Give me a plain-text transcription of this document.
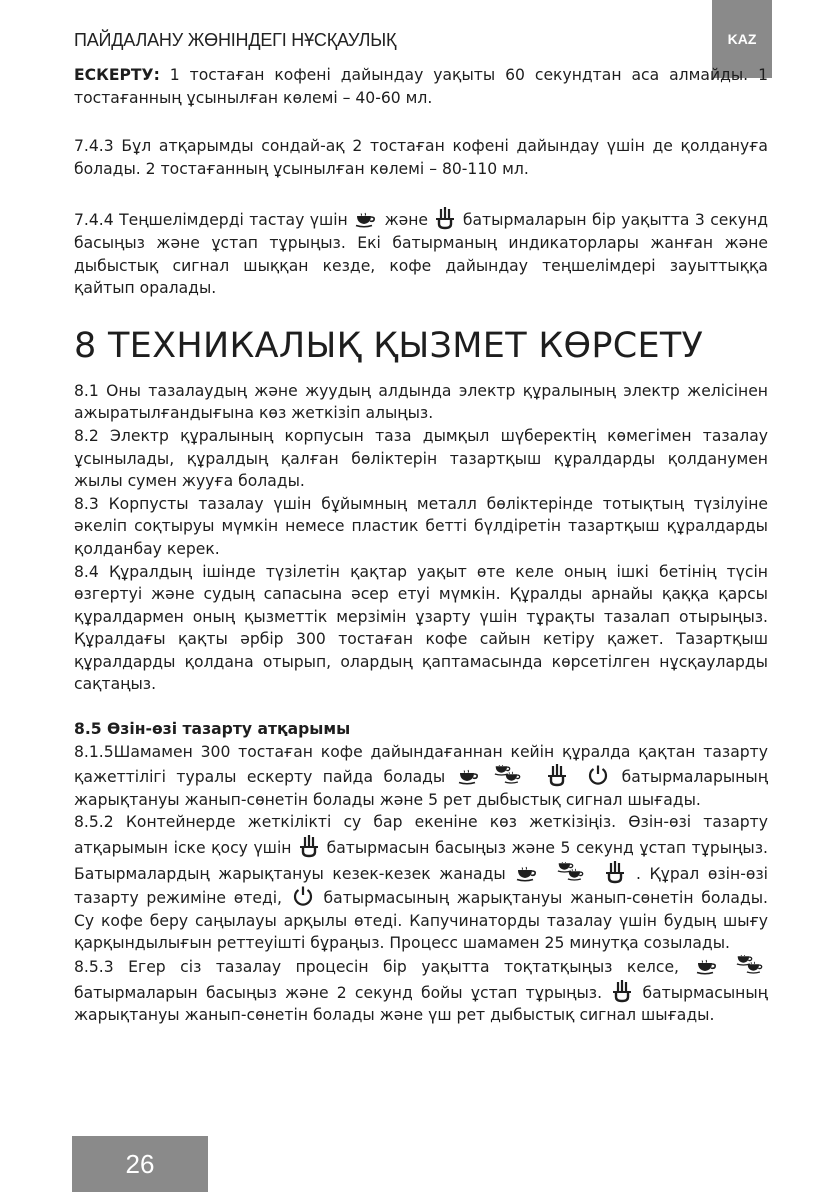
ПАЙДАЛАНУ ЖӨНІНДЕГІ НҰСҚАУЛЫҚ	KAZ

ЕСКЕРТУ: 1 тостаған кофені дайындау уақыты 60 секундтан аса алмайды. 1 тостағанның ұсынылған көлемі – 40-60 мл.

7.4.3 Бұл атқарымды сондай-ақ 2 тостаған кофені дайындау үшін де қолдануға болады. 2 тостағанның ұсынылған көлемі – 80-110 мл.

7.4.4 Теңшелімдерді тастау үшін және батырмаларын бір уақытта 3 секунд басыңыз және ұстап тұрыңыз. Екі батырманың индикаторлары жанған және дыбыстық сигнал шыққан кезде, кофе дайындау теңшелімдері зауыттыққа қайтып оралады.

8 ТЕХНИКАЛЫҚ ҚЫЗМЕТ КӨРСЕТУ

8.1 Оны тазалаудың және жуудың алдында электр құралының электр желісінен ажыратылғандығына көз жеткізіп алыңыз.

8.2 Электр құралының корпусын таза дымқыл шүберектің көмегімен тазалау ұсынылады, құралдың қалған бөліктерін тазартқыш құралдарды қолданумен жылы сумен жууға болады.

8.3 Корпусты тазалау үшін бұйымның металл бөліктерінде тотықтың түзілуіне әкеліп соқтыруы мүмкін немесе пластик бетті бүлдіретін тазартқыш құралдарды қолданбау керек.

8.4 Құралдың ішінде түзілетін қақтар уақыт өте келе оның ішкі бетінің түсін өзгертуі және судың сапасына әсер етуі мүмкін. Құралды арнайы қаққа қарсы құралдармен оның қызметтік мерзімін ұзарту үшін тұрақты тазалап отырыңыз. Құралдағы қақты әрбір 300 тостаған кофе сайын кетіру қажет. Тазартқыш құралдарды қолдана отырып, олардың қаптамасында көрсетілген нұсқауларды сақтаңыз.

8.5 Өзін-өзі тазарту атқарымы

8.1.5Шамамен 300 тостаған кофе дайындағаннан кейін құралда қақтан тазарту қажеттілігі туралы ескерту пайда болады	батырмаларының жарықтануы жанып-сөнетін болады және 5 рет дыбыстық сигнал шығады.

8.5.2 Контейнерде жеткілікті су бар екеніне көз жеткізіңіз. Өзін-өзі тазарту атқарымын іске қосу үшін батырмасын басыңыз және 5 секунд ұстап тұрыңыз. Батырмалардың жарықтануы кезек-кезек жанады	. Құрал өзін-өзі тазарту режиміне өтеді,	батырмасының жарықтануы жанып-сөнетін болады. Су кофе беру саңылауы арқылы өтеді. Капучинаторды тазалау үшін будың шығу қарқындылығын реттеуішті бұраңыз. Процесс шамамен 25 минутқа созылады.

8.5.3 Егер сіз тазалау процесін бір уақытта тоқтатқыңыз келсе,   батырмаларын басыңыз және 2 секунд бойы ұстап тұрыңыз.	батырмасының жарықтануы жанып-сөнетін болады және үш рет дыбыстық сигнал шығады.

26
